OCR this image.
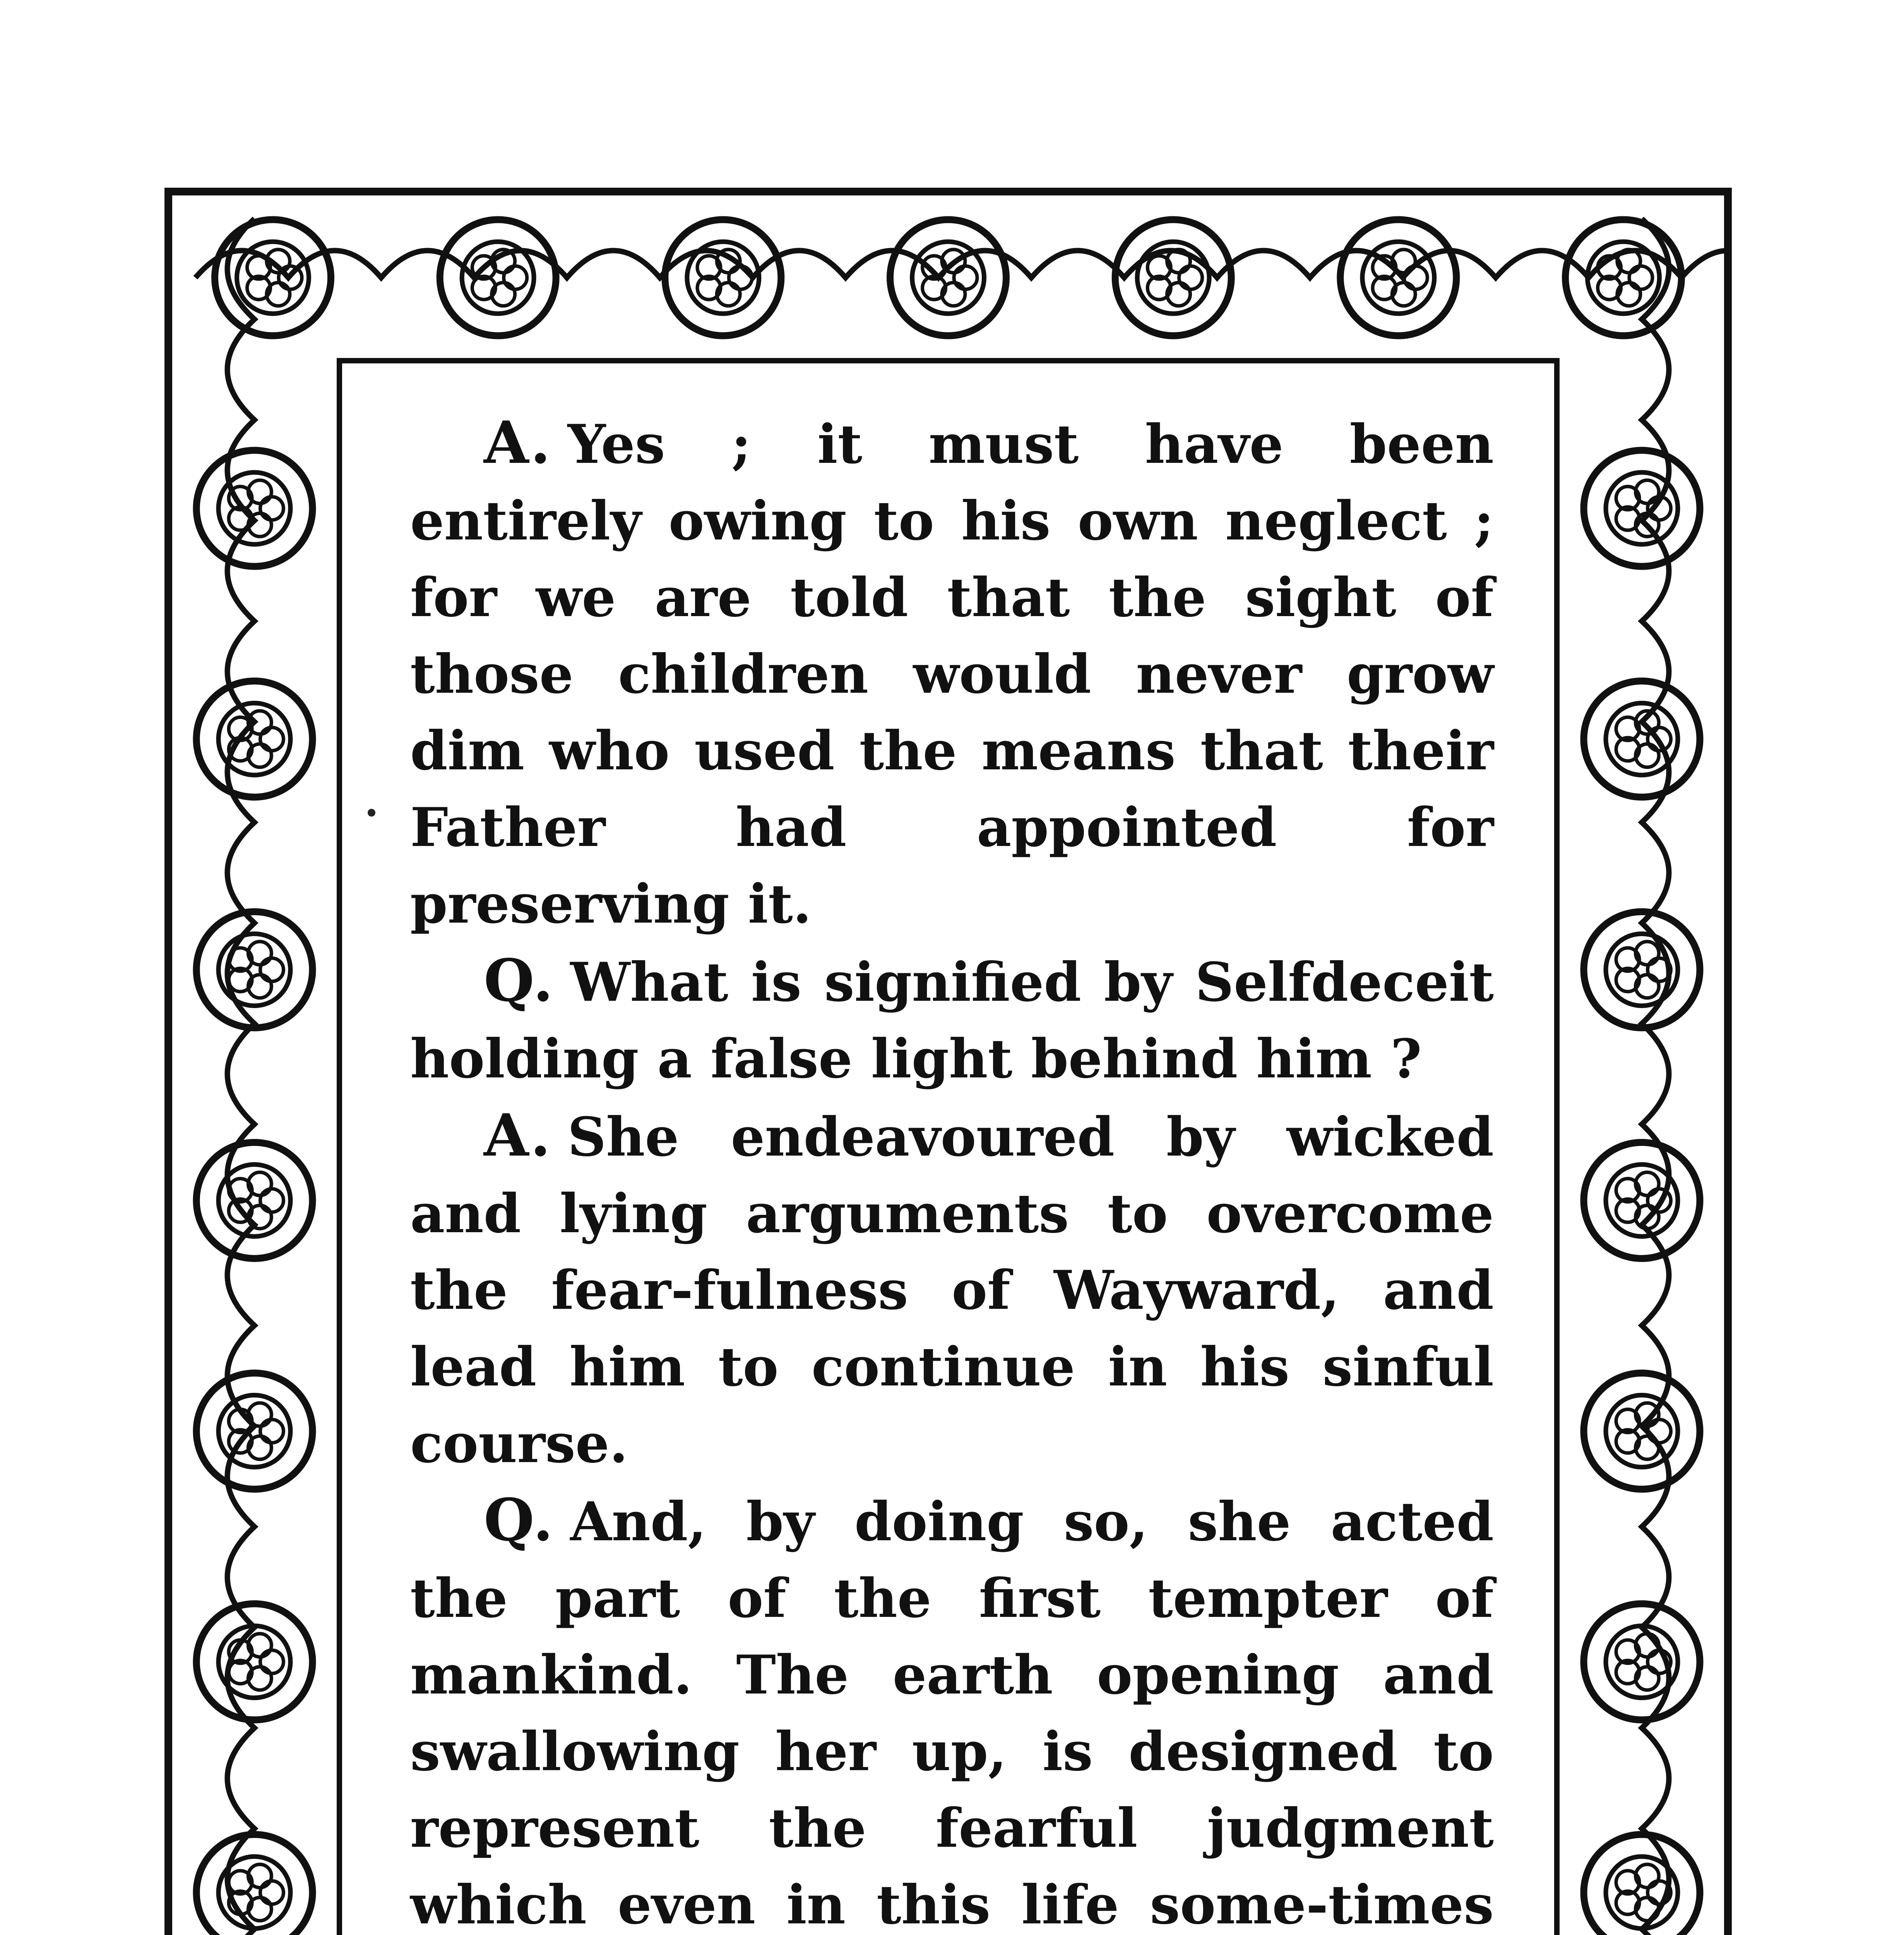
A. Yes ; it must have been entirely owing to his own neglect ; for we are told that the sight of those children would never grow dim who used the means that their Father had appointed for preserving it.

Q. What is signified by Selfdeceit holding a false light behind him ?

A. She endeavoured by wicked and lying arguments to overcome the fear-fulness of Wayward, and lead him to continue in his sinful course.

Q. And, by doing so, she acted the part of the first tempter of mankind. The earth opening and swallowing her up, is designed to represent the fearful judgment which even in this life some-times
